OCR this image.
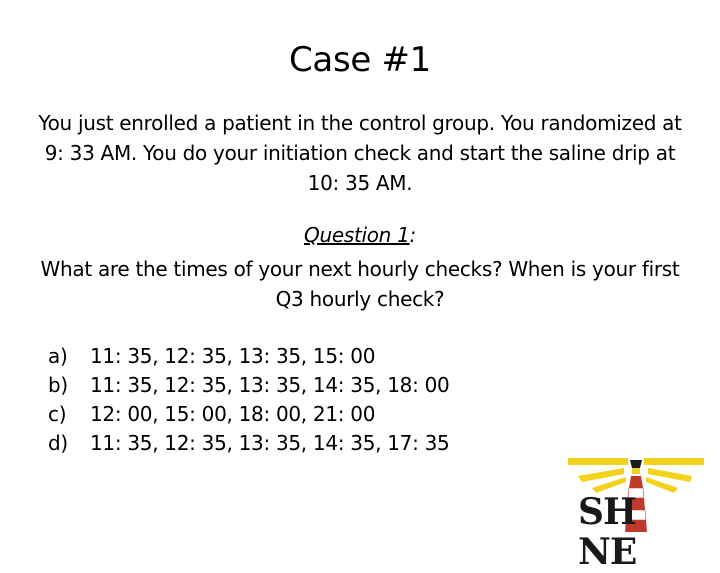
Case #1
You just enrolled a patient in the control group. You randomized at 9: 33 AM. You do your initiation check and start the saline drip at 10: 35 AM.
Question 1:
What are the times of your next hourly checks? When is your first Q3 hourly check?
a)	11: 35, 12: 35, 13: 35, 15: 00
b)	11: 35, 12: 35, 13: 35, 14: 35, 18: 00
c)	12: 00, 15: 00, 18: 00, 21: 00
d)	11: 35, 12: 35, 13: 35, 14: 35, 17: 35
SHNE
